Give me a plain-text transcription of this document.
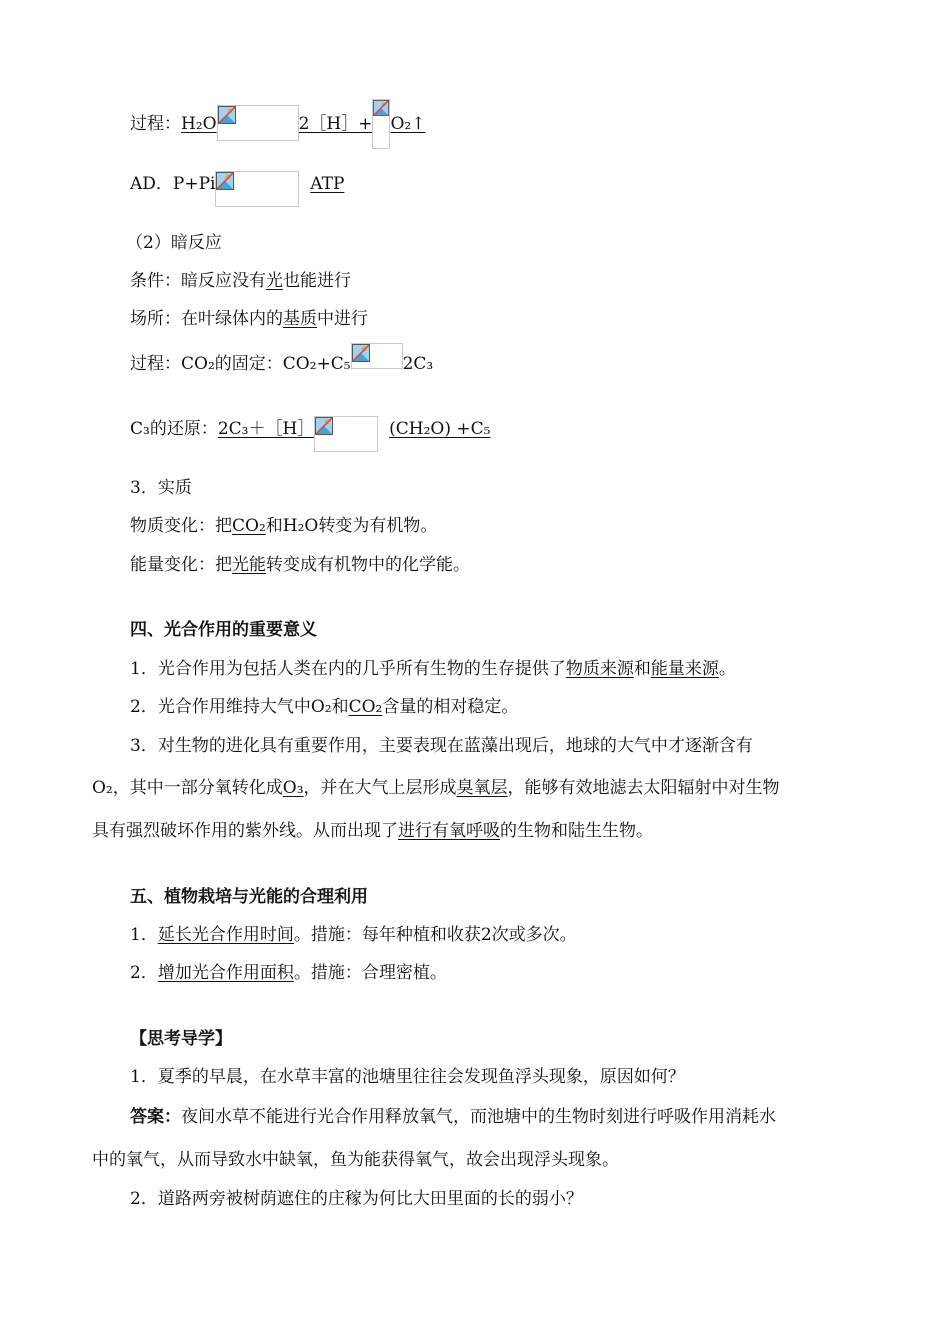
过程：H₂O	2［H］+ O₂↑
AD．P+Pi	ATP
（2）暗反应
条件：暗反应没有光也能进行
场所：在叶绿体内的基质中进行
过程：CO₂的固定：CO₂+C₅	2C₃
C₃的还原：2C₃＋［H］	(CH₂O) +C₅
3．实质
物质变化：把CO₂和H₂O转变为有机物。
能量变化：把光能转变成有机物中的化学能。
四、光合作用的重要意义
1．光合作用为包括人类在内的几乎所有生物的生存提供了物质来源和能量来源。
2．光合作用维持大气中O₂和CO₂含量的相对稳定。
3．对生物的进化具有重要作用，主要表现在蓝藻出现后，地球的大气中才逐渐含有
O₂，其中一部分氧转化成O₃，并在大气上层形成臭氧层，能够有效地滤去太阳辐射中对生物
具有强烈破坏作用的紫外线。从而出现了进行有氧呼吸的生物和陆生生物。
五、植物栽培与光能的合理利用
1．延长光合作用时间。措施：每年种植和收获2次或多次。
2．增加光合作用面积。措施：合理密植。
【思考导学】
1．夏季的早晨，在水草丰富的池塘里往往会发现鱼浮头现象，原因如何？
答案：夜间水草不能进行光合作用释放氧气，而池塘中的生物时刻进行呼吸作用消耗水
中的氧气，从而导致水中缺氧，鱼为能获得氧气，故会出现浮头现象。
2．道路两旁被树荫遮住的庄稼为何比大田里面的长的弱小？
